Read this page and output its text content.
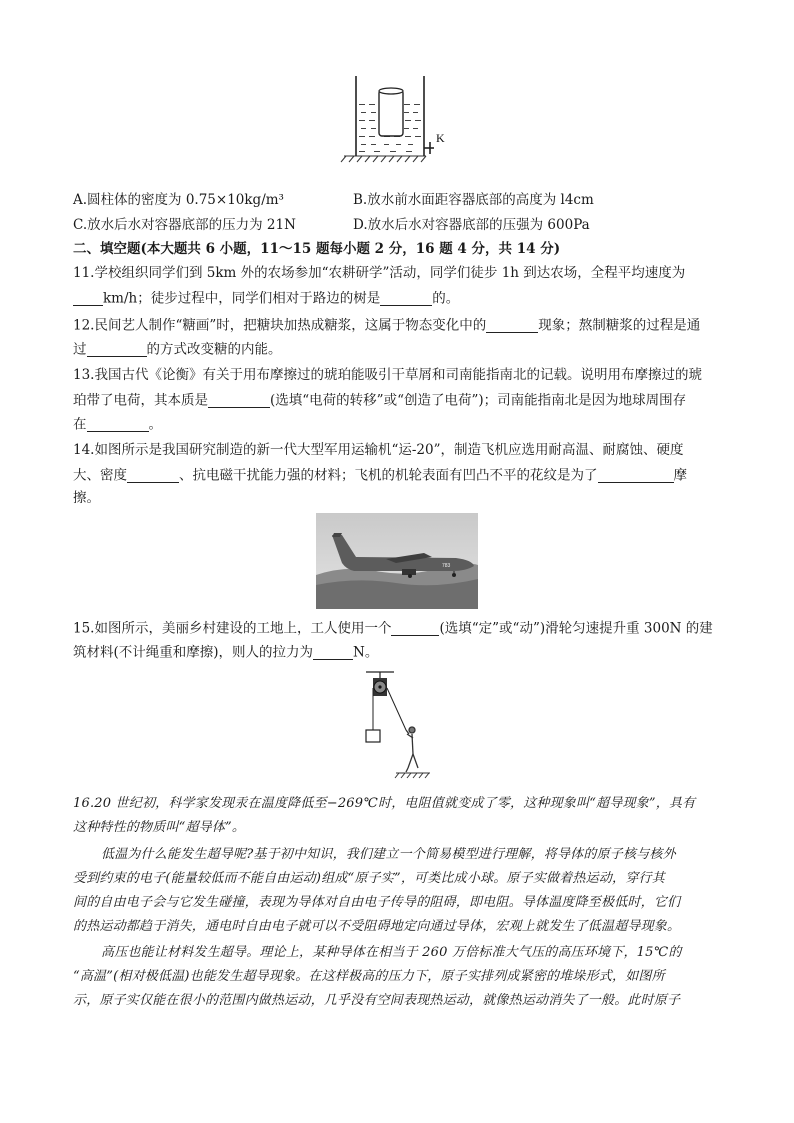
K
A.圆柱体的密度为 0.75×10kg/m³	B.放水前水面距容器底部的高度为 l4cm
C.放水后水对容器底部的压力为 21N	D.放水后水对容器底部的压强为 600Pa
二、填空题(本大题共 6 小题，11～15 题每小题 2 分，16 题 4 分，共 14 分)
11.学校组织同学们到 5km 外的农场参加“农耕研学”活动，同学们徒步 1h 到达农场，全程平均速度为
km/h；徒步过程中，同学们相对于路边的树是	的。
12.民间艺人制作“糖画”时，把糖块加热成糖浆，这属于物态变化中的	现象；熬制糖浆的过程是通
过	的方式改变糖的内能。
13.我国古代《论衡》有关于用布摩擦过的琥珀能吸引干草屑和司南能指南北的记载。说明用布摩擦过的琥
珀带了电荷，其本质是	(选填“电荷的转移”或“创造了电荷”)；司南能指南北是因为地球周围存
在	。
14.如图所示是我国研究制造的新一代大型军用运输机“运-20”，制造飞机应选用耐高温、耐腐蚀、硬度
大、密度	、抗电磁干扰能力强的材料；飞机的机轮表面有凹凸不平的花纹是为了	摩
擦。
783
15.如图所示，美丽乡村建设的工地上，工人使用一个	(选填“定”或“动”)滑轮匀速提升重 300N 的建
筑材料(不计绳重和摩擦)，则人的拉力为	N。
16.20 世纪初，科学家发现汞在温度降低至−269℃时，电阻值就变成了零，这种现象叫“超导现象”，具有
这种特性的物质叫“超导体”。
低温为什么能发生超导呢?基于初中知识，我们建立一个简易模型进行理解，将导体的原子核与核外
受到约束的电子(能量较低而不能自由运动)组成“原子实”，可类比成小球。原子实做着热运动，穿行其
间的自由电子会与它发生碰撞，表现为导体对自由电子传导的阻碍，即电阻。导体温度降至极低时，它们
的热运动都趋于消失，通电时自由电子就可以不受阻碍地定向通过导体，宏观上就发生了低温超导现象。
高压也能让材料发生超导。理论上，某种导体在相当于 260 万倍标准大气压的高压环境下，15℃的
“高温”(相对极低温)也能发生超导现象。在这样极高的压力下，原子实排列成紧密的堆垛形式，如图所
示，原子实仅能在很小的范围内做热运动，几乎没有空间表现热运动，就像热运动消失了一般。此时原子
